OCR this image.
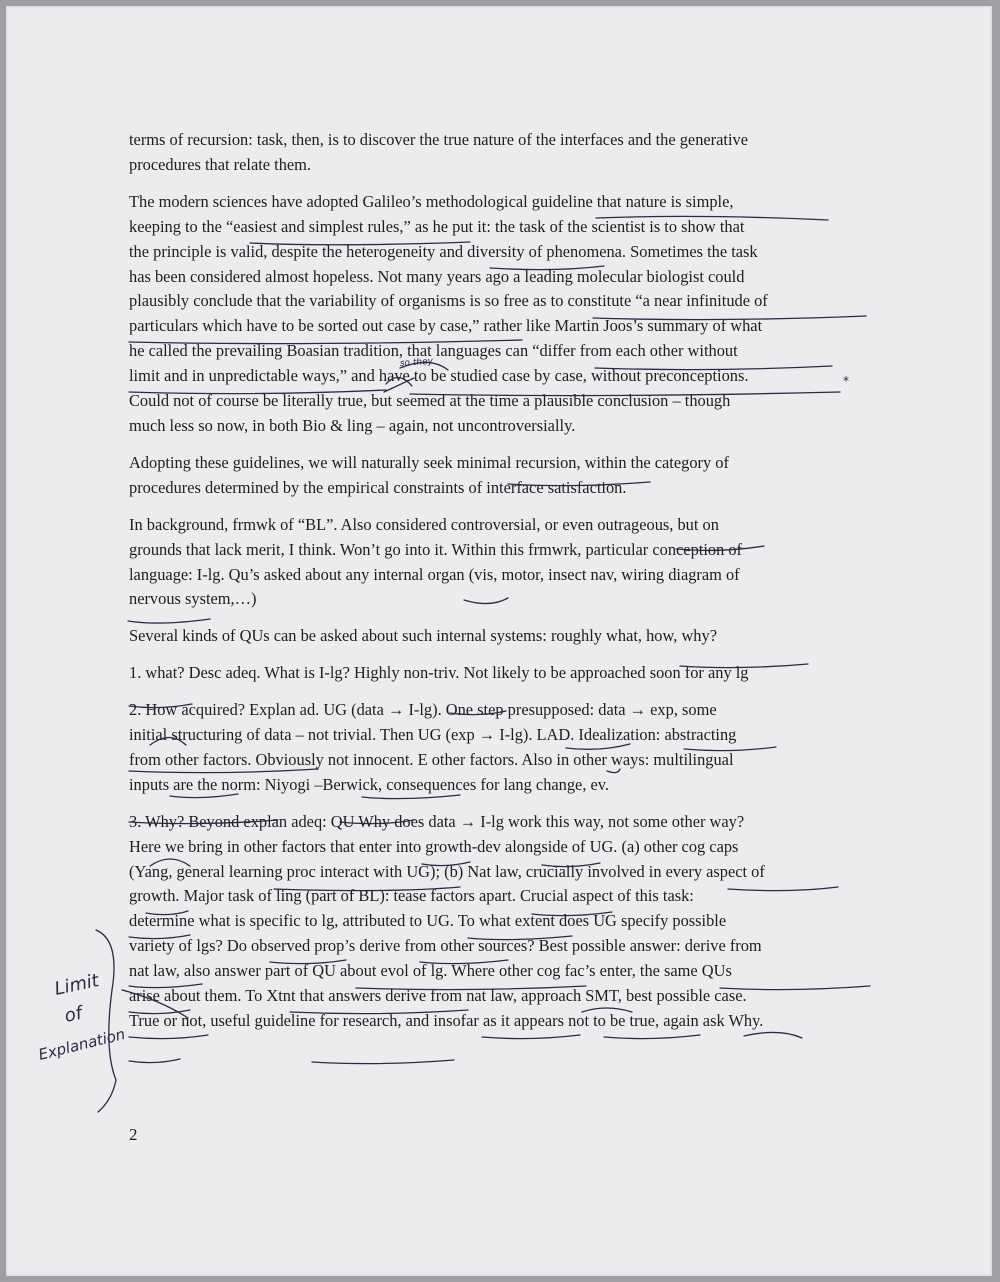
terms of recursion: task, then, is to discover the true nature of the interfaces and the generative
procedures that relate them.

The modern sciences have adopted Galileo’s methodological guideline that nature is simple,
keeping to the “easiest and simplest rules,” as he put it: the task of the scientist is to show that
the principle is valid, despite the heterogeneity and diversity of phenomena. Sometimes the task
has been considered almost hopeless. Not many years ago a leading molecular biologist could
plausibly conclude that the variability of organisms is so free as to constitute “a near infinitude of
particulars which have to be sorted out case by case,” rather like Martin Joos’s summary of what
he called the prevailing Boasian tradition, that languages can “differ from each other without
limit and in unpredictable ways,” and have to be studied case by case, without preconceptions.
Could not of course be literally true, but seemed at the time a plausible conclusion – though
much less so now, in both Bio & ling – again, not uncontroversially.

Adopting these guidelines, we will naturally seek minimal recursion, within the category of
procedures determined by the empirical constraints of interface satisfaction.

In background, frmwk of “BL”. Also considered controversial, or even outrageous, but on
grounds that lack merit, I think. Won’t go into it. Within this frmwrk, particular conception of
language: I-lg. Qu’s asked about any internal organ (vis, motor, insect nav, wiring diagram of
nervous system,…)

Several kinds of QUs can be asked about such internal systems: roughly what, how, why?

1. what? Desc adeq. What is I-lg? Highly non-triv. Not likely to be approached soon for any lg

2. How acquired? Explan ad. UG (data → I-lg). One step presupposed: data → exp, some
initial structuring of data – not trivial. Then UG (exp → I-lg). LAD. Idealization: abstracting
from other factors. Obviously not innocent. E other factors. Also in other ways: multilingual
inputs are the norm: Niyogi –Berwick, consequences for lang change, ev.

3. Why? Beyond explan adeq: QU Why does data → I-lg work this way, not some other way?
Here we bring in other factors that enter into growth-dev alongside of UG. (a) other cog caps
(Yang, general learning proc interact with UG); (b) Nat law, crucially involved in every aspect of
growth. Major task of ling (part of BL): tease factors apart. Crucial aspect of this task:
determine what is specific to lg, attributed to UG. To what extent does UG specify possible
variety of lgs? Do observed prop’s derive from other sources? Best possible answer: derive from
nat law, also answer part of QU about evol of lg. Where other cog fac’s enter, the same QUs
arise about them. To Xtnt that answers derive from nat law, approach SMT, best possible case.
True or not, useful guideline for research, and insofar as it appears not to be true, again ask Why.

2
so they
*
Limit
of
Explanation
